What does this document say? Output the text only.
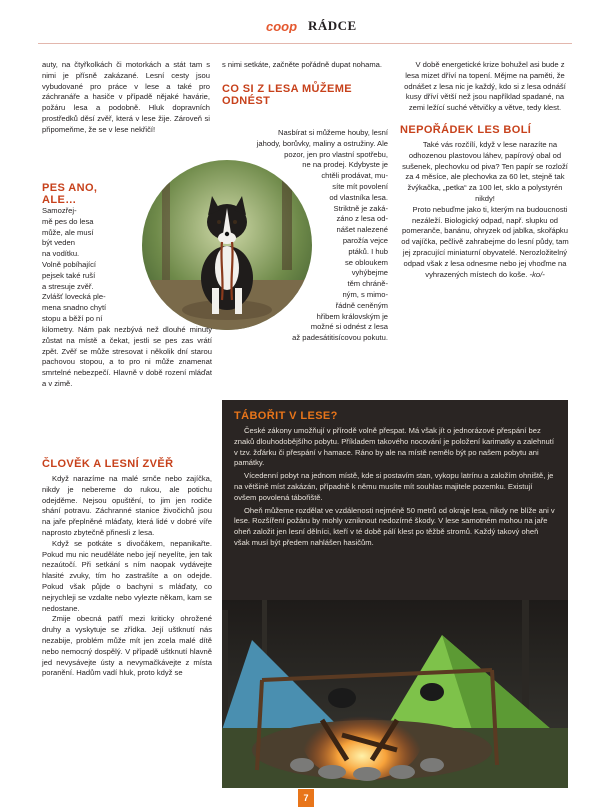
coop RÁDCE

auty, na čtyřkolkách či motorkách a stát tam s nimi je přísně zakázané. Lesní cesty jsou vybudované pro práce v lese a také pro záchranáře a hasiče v případě nějaké havárie, požáru lesa a podobně. Hluk dopravních prostředků děsí zvěř, která v lese žije. Zároveň si připomeňme, že se v lese nekřičí!

PES ANO, ALE…
Samozřej-
mě pes do lesa
může, ale musí
být veden
na vodítku.
Volně pobíhající
pejsek také ruší
a stresuje zvěř.
Zvlášť lovecká ple-
mena snadno chytí
stopu a běží po ní

kilometry. Nám pak nezbývá než dlouhé minuty zůstat na místě a čekat, jestli se pes zas vrátí zpět. Zvěř se může stresovat i několik dní starou pachovou stopou, a to pro ni může znamenat smrtelné nebezpečí. Hlavně v době rození mláďat a v zimě.

ČLOVĚK A LESNÍ ZVĚŘ

Když narazíme na malé srnče nebo zajíčka, nikdy je nebereme do rukou, ale potichu odejděme. Nejsou opuštění, to jim jen rodiče shání potravu. Záchranné stanice živočichů jsou na jaře přeplněné mláďaty, která lidé v dobré víře naprosto zbytečně přinesli z lesa.

Když se potkáte s divočákem, nepanikařte. Pokud mu nic neuděláte nebo její neyelíte, jen tak nezaútočí. Při setkání s ním naopak vydávejte hlasité zvuky, tím ho zastrašíte a on odejde. Pokud však půjde o bachyni s mláďaty, co nejrychleji se vzdalte nebo vylezte někam, kam se nedostane.

Zmije obecná patří mezi kriticky ohrožené druhy a vyskytuje se zřídka. Její uštknutí nás nezabije, problém může mít jen zcela malé dítě nebo nemocný dospělý. V případě uštknutí hlavně jed nevysávejte ústy a nevymačkávejte z místa poranění. Hadům vadí hluk, proto když se

s nimi setkáte, začněte pořádně dupat nohama.

CO SI Z LESA MŮŽEME ODNÉST
Nasbírat si můžeme houby, lesní
jahody, borůvky, maliny a ostružiny. Ale
pozor, jen pro vlastní spotřebu,
ne na prodej. Kdybyste je
chtěli prodávat, mu-
síte mít povolení
od vlastníka lesa.
Striktně je zaká-
záno z lesa od-
nášet nalezené
parožía vejce
ptáků. I hub
se obloukem
vyhýbejme
těm chráně-
ným, s mimo-
řádně ceněným
hřibem královským je
možné si odnést z lesa
až padesátitisícovou pokutu.

V době energetické krize bohužel asi bude z lesa mizet dříví na topení. Mějme na paměti, že odnášet z lesa nic je každý, kdo si z lesa odnáší kusy dříví větší než jsou například spadané, na zemi ležící suché větvičky a větve, tedy klest.

NEPOŘÁDEK LES BOLÍ

Také vás rozčílí, když v lese narazíte na odhozenou plastovou láhev, papírový obal od sušenek, plechovku od piva? Ten papír se rozloží za 4 měsíce, ale plechovka za 60 let, stejně tak žvýkačka, „petka“ za 100 let, sklo a polystyrén nikdy!

Proto nebuďme jako ti, kterým na budoucnosti nezáleží. Biologický odpad, např. slupku od pomeranče, banánu, ohryzek od jablka, skořápku od vajíčka, pečlivě zahrabejme do lesní půdy, tam jej zpracující miniaturní obyvatelé. Nerozložitelný odpad však z lesa odnesme nebo jej vhoďme na vyhrazených místech do koše. -ko/-

TÁBOŘIT V LESE?

České zákony umožňují v přírodě volně přespat. Má však jít o jednorázové přespání bez znaků dlouhodobějšího pobytu. Příkladem takového nocování je položení karimatky a zalehnutí v tzv. žďárku či přespání v hamace. Ráno by ale na místě nemělo být po našem pobytu ani památky.

Vícedenní pobyt na jednom místě, kde si postavím stan, vykopu latrínu a založím ohniště, je na většině míst zakázán, případně k němu musíte mít souhlas majitele pozemku. Existují ovšem povolená tábořiště.

Oheň můžeme rozdělat ve vzdálenosti nejméně 50 metrů od okraje lesa, nikdy ne blíže ani v lese. Rozšíření požáru by mohly vzniknout nedozírné škody. V lese samotném mohou na jaře oheň založit jen lesní dělníci, kteří v té době pálí klest po těžbě stromů. Každý takový oheň však musí být předem nahlášen hasičům.

7
